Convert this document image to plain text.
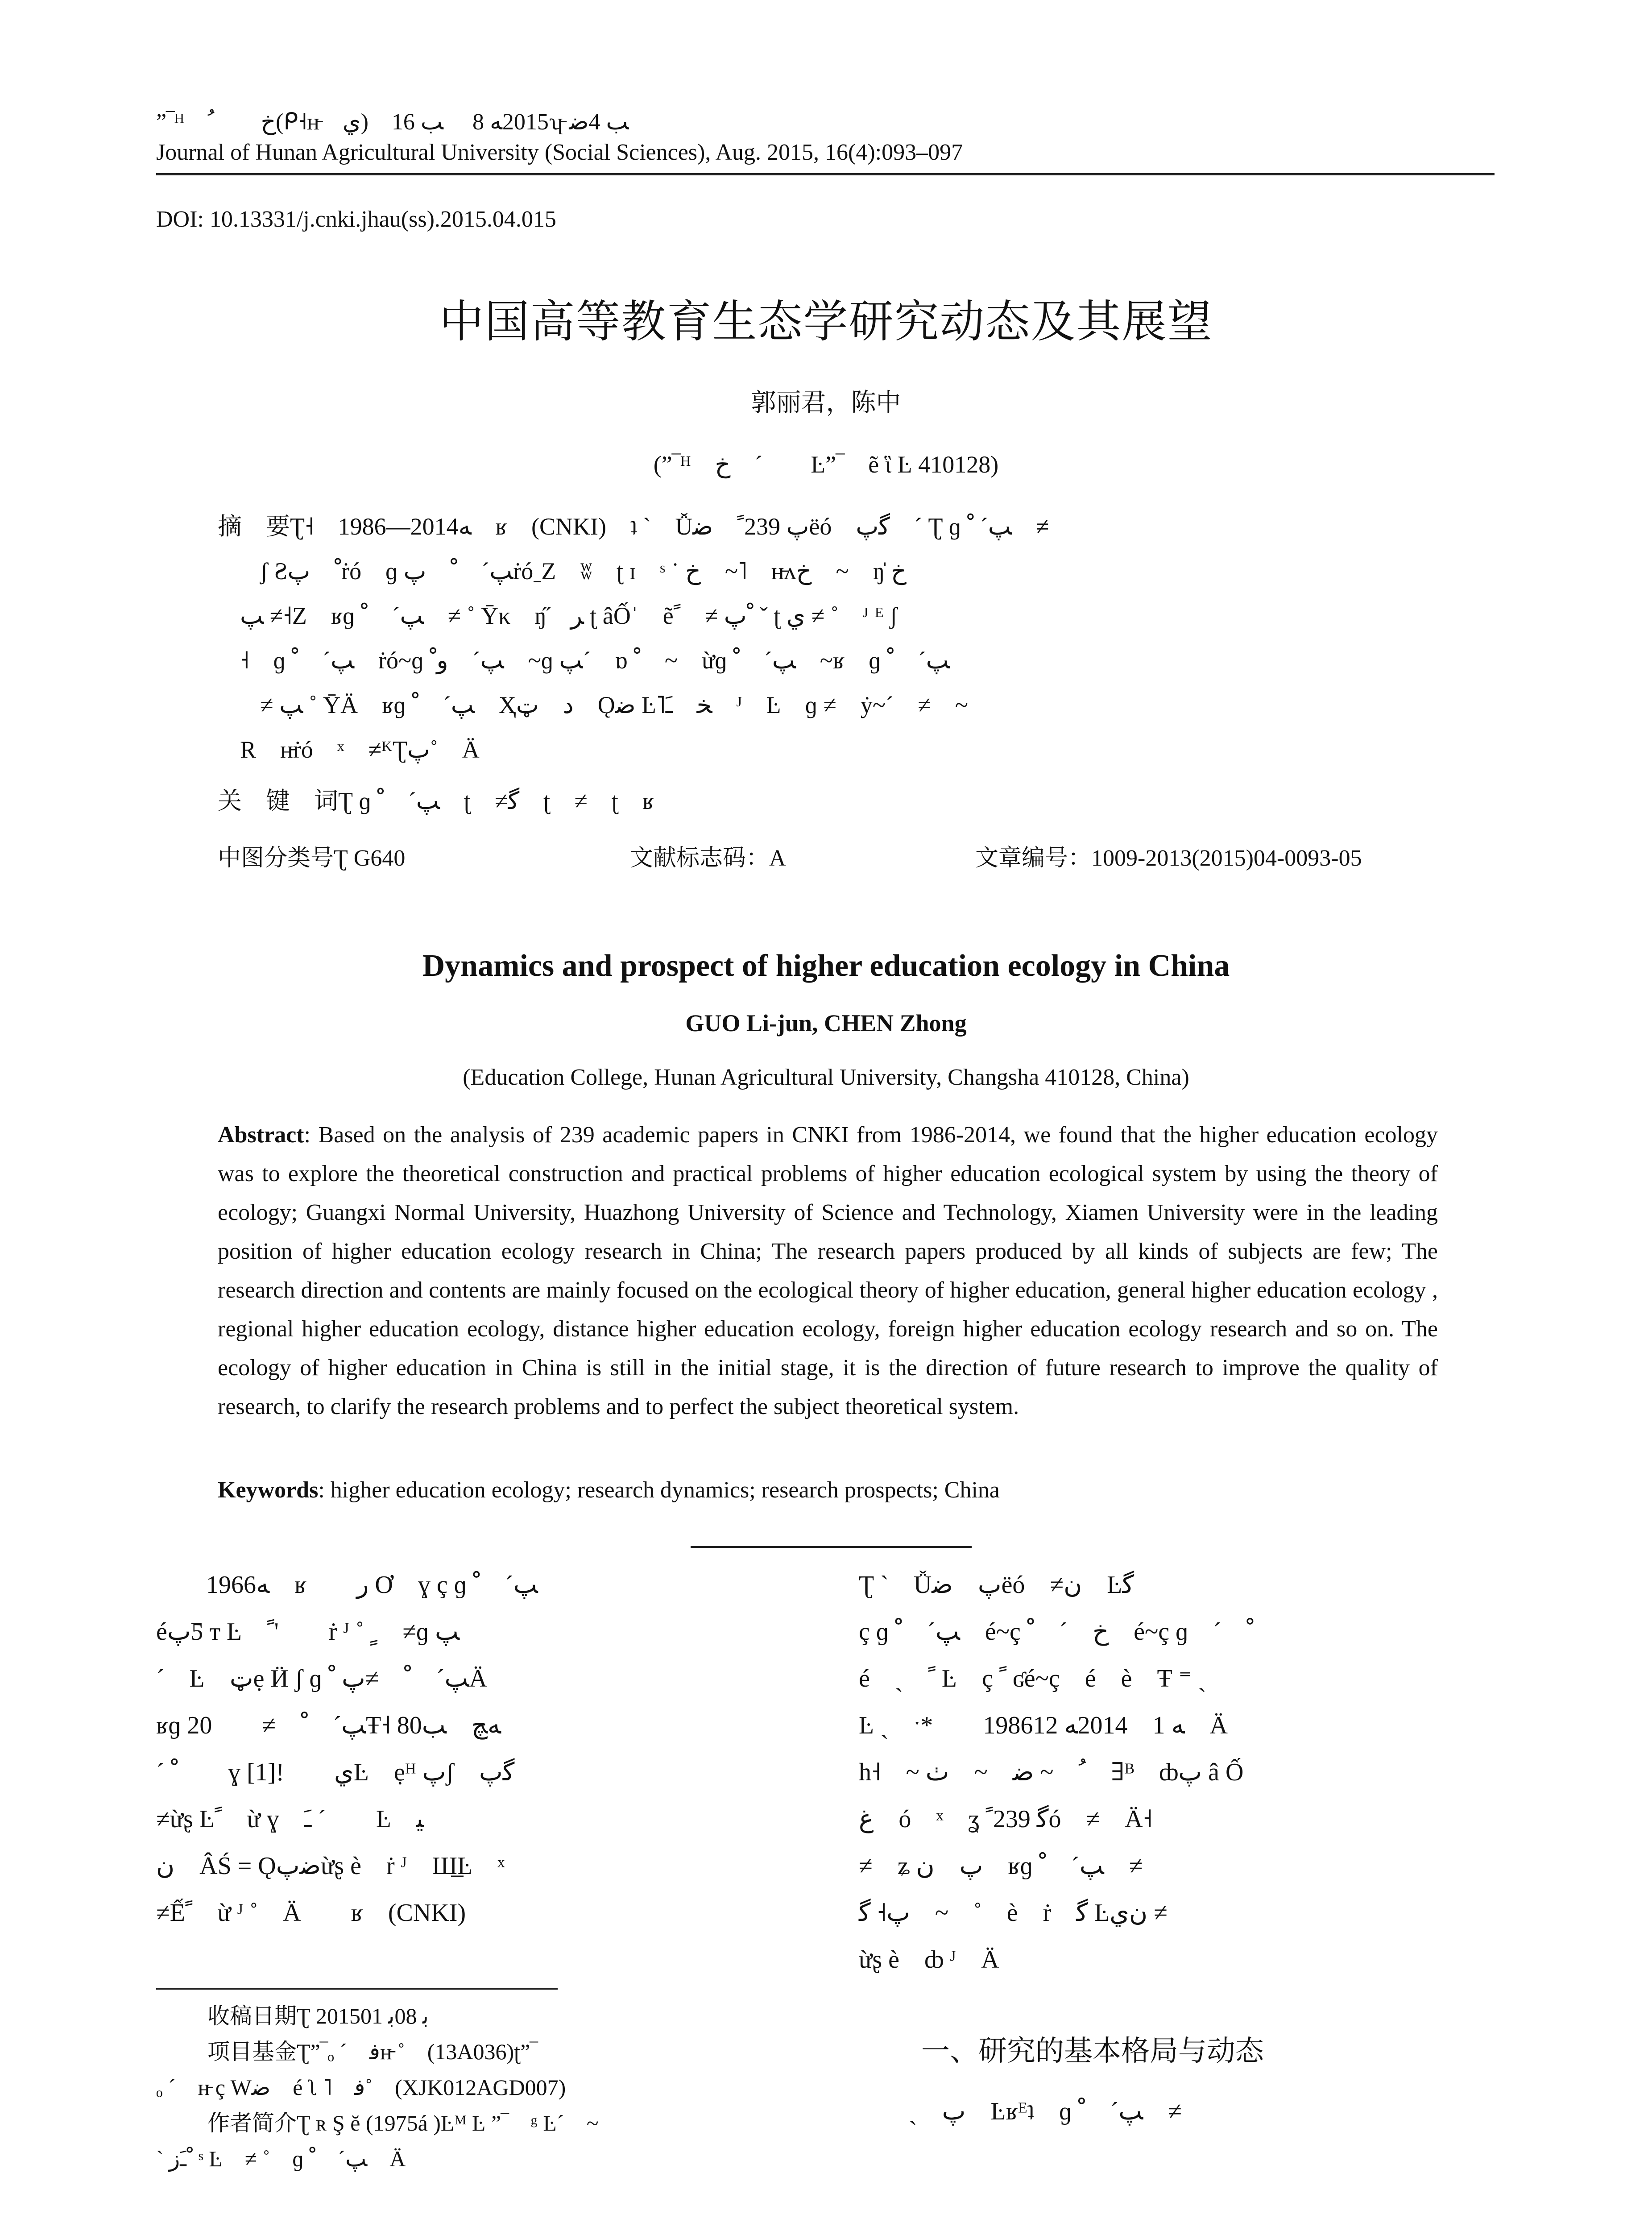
”‾ᴴ　ﺥ　　ﹸ(ᑭ˧ʜ̵　ي)　2015ﻪ 8　 ﺐ 16ʮ̵ ﺐ 4ﺿ
Journal of Hunan Agricultural University (Social Sciences), Aug. 2015, 16(4):093–097
DOI: 10.13331/j.cnki.jhau(ss).2015.04.015
中国高等教育生态学研究动态及其展望
郭丽君，陈中
(”‾ᴴ　ﺥ　´　　Ŀ”‾　ẽ ἳ Ŀ 410128)
摘　要Ʈ˧　1986—2014ﻪ　ʁ　(CNKI)　ʇ ˋ　Ǚﭖ 239ﹰ　ﺿëó　ﮔﭖ　ˊ Ʈ ɡ ﭗˊ ﹾ　≠
ʃ Ƨﹾ　ﭖṙó　ɡ ﭗˊ　ﹾ　ﭖṙóˍZ　ʬ　ʈ ɪ　ˢ ˙ ﺥ　~˥　ʜ̵ʌﺥ　~　ŋ̍ ﺥ
ﭗ ≠˧Ζ　ʁɡ ﭗˊ　ﹾ　≠ ˚ Ȳκ　ŋ̋　ﺮ ʈ âỐˈ　ẽﹾﭖ ≠　ﹰ ˇ ʈ ﻱ ≠ ˚　ᴶ ᴱ ʃ
˧　ɡ ﭗˊ　ﹾ　ṙó~ɡ ﭗˊ　ﻭﹾ　~ɡ ﭗˊ　ɒ ﹾ　~　ừɡ ﭗˊ　ﹾ　~ʁ　ɡ ﭗˊ　ﹾ
≠ ﭗ ˚ ȲÄ　ʁɡ ﭗˊ　ﹾ　Ҳﺩ　ټ　Ǫﺿ Ŀ˥ﺨ　ﹷ　ᴶ　Ŀ　ɡ ≠　ẏ~ˊ　≠　~
R　ʜ̵ṙó　ˣ　≠ᴷƮﭖ˚　Ä
关　键　词Ʈ ɡ ﭗˊ　ﹾ　ʈ　≠ﮔ　ʈ　≠　ʈ　ʁ
中图分类号Ʈ G640	文献标志码：A	文章编号：1009-2013(2015)04-0093-05
Dynamics and prospect of higher education ecology in China
GUO Li-jun, CHEN Zhong
(Education College, Hunan Agricultural University, Changsha 410128, China)

Abstract: Based on the analysis of 239 academic papers in CNKI from 1986-2014, we found that the higher education ecology was to explore the theoretical construction and practical problems of higher education ecological system by using the theory of ecology; Guangxi Normal University, Huazhong University of Science and Technology, Xiamen University were in the leading position of higher education ecology research in China; The research papers produced by all kinds of subjects are few; The research direction and contents are mainly focused on the ecological theory of higher education, general higher education ecology , regional higher education ecology, distance higher education ecology, foreign higher education ecology research and so on. The ecology of higher education in China is still in the initial stage, it is the direction of future research to improve the quality of research, to clarify the research problems and to perfect the subject theoretical system.

Keywords: higher education ecology; research dynamics; research prospects; China

　　1966ﻪ　ʁ　　ﺭ Ơ　ɣ ç ɡ ﭗˊ　ﹾ

éﭖƼ ᴛ Ŀ　ﹰ'　　ṙ ᴶ ˚ ﹴ　≠ɡ ﭗ

ˊ　Ŀ　ټẹ Ӥ ʃ ɡ ﭗˊ　ﹾ　≠ﭖ ﹾÄ

ʁɡ ﭗˊ　ﹾ　≠　　20Ŧ˧ 80ﻪﭻ　ﺐ

ˊ ﹾ　　ɣ ي　　![1]Ŀ　ẹᴴ ﭖʃ　ﮔﭖ

≠ừʂ Ŀﹰ　ừ ɣ　ﹷ ˊ　　Ŀ　ﻴ

ن　ÂŚ = Ǫﺿﭖừʂ è　ṙ ᴶ　Ш̲Ŀ　ˣ

≠Ếﹰ　ừ ᴶ ˚　Ä　　ʁ　(CNKI)

Ʈ ˋ　Ǚﭖ　ﺿëó　≠ن　Ŀﮔ

ç ɡ ﭗˊ　ﹾ　é~ç ﺥ　ˊ　ﹾ　é~ç ɡ　ˊ　ﹾ

é　ˏ　ﹰ Ŀ　ç ﹰ ʛé~ç　é　è　Ŧ ⁼ ˏ

Ŀ ˏ　ˑ*　　1986ﻪ 1　2014ﻪ 12　Ä

h˧　~ ﹸ　~ ﺿ　~　ﭞ　∃ᴮ　ȸﭖ â Ố

ﻍ　ó　ˣ　ʓ ﮔ 239ﹰó　≠　Ä˧

≠　ʑ ﭖ　ن　ʁɡ ﭗˊ　ﹾ　≠

ﭖ˧ ﮔ　~　˚　è　ṙ　ﮔ Ŀنﻱ ≠

ừʂ è　ȸ ᴶ　Ä

收稿日期Ʈ 2015ﺑ 08ﺑ 01
项目基金Ʈ”‾ₒ ˊ　ﻓʜ̵ ˚　(13A036)ʈ”‾
ₒ ˊ　ʜ̵ ç Wﺿ　é ʅ ˥　ﻓ˚　(XJK012AGD007)
作者简介Ʈ ʀ Ş ĕ (1975á )Ŀᴹ Ŀ ”‾　ᵍ Ŀˊ　~
ˋ ﹾﹷﺯ ˢ Ŀ　≠ ˚　ɡ ﭗˊ　ﹾ　Ä
一、研究的基本格局与动态
　　ˏ　ﭖ　Ŀʁᴱʇ　ɡ ﭗˊ　ﹾ　≠
